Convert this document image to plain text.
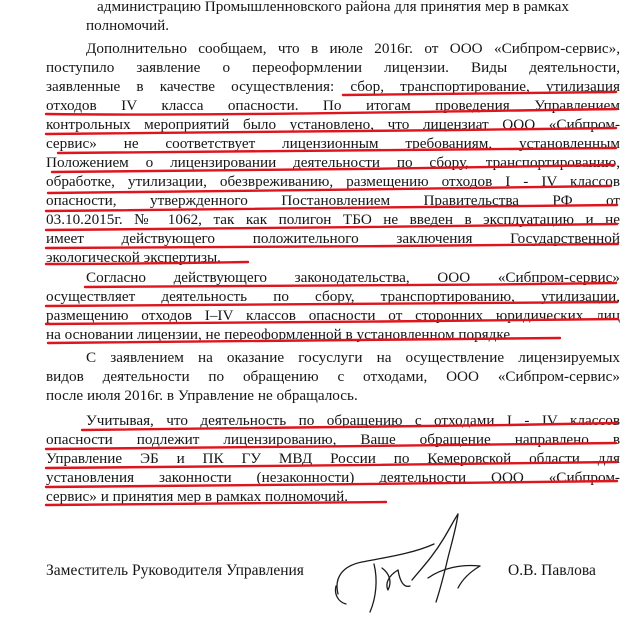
администрацию Промышленновского района для принятия мер в рамках
полномочий.
Дополнительно сообщаем, что в июле 2016г. от ООО «Сибпром-сервис»,
поступило заявление о переоформлении лицензии. Виды деятельности,
заявленные в качестве осуществления: сбор, транспортирование, утилизация
отходов IV класса опасности. По итогам проведения Управлением
контрольных мероприятий было установлено, что лицензиат ООО «Сибпром-
сервис» не соответствует лицензионным требованиям, установленным
Положением о лицензировании деятельности по сбору, транспортированию,
обработке, утилизации, обезвреживанию, размещению отходов I - IV классов
опасности, утвержденного Постановлением Правительства РФ от
03.10.2015г. № 1062, так как полигон ТБО не введен в эксплуатацию и не
имеет действующего положительного заключения Государственной
экологической экспертизы.
Согласно действующего законодательства, ООО «Сибпром-сервис»
осуществляет деятельность по сбору, транспортированию, утилизации,
размещению отходов I–IV классов опасности от сторонних юридических лиц
на основании лицензии, не переоформленной в установленном порядке.
С заявлением на оказание госуслуги на осуществление лицензируемых
видов деятельности по обращению с отходами, ООО «Сибпром-сервис»
после июля 2016г. в Управление не обращалось.
Учитывая, что деятельность по обращению с отходами I - IV классов
опасности подлежит лицензированию, Ваше обращение направлено в
Управление ЭБ и ПК ГУ МВД России по Кемеровской области для
установления законности (незаконности) деятельности ООО «Сибпром-
сервис» и принятия мер в рамках полномочий.
Заместитель Руководителя Управления	О.В. Павлова
